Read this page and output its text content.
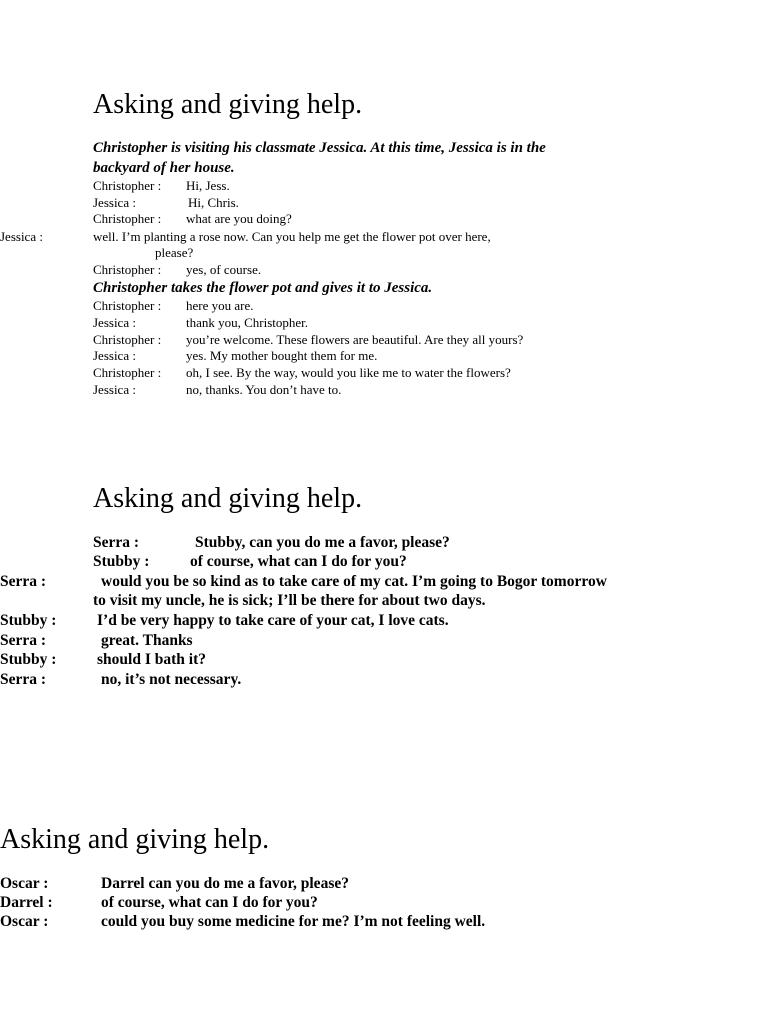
Asking and giving help.
Christopher is visiting his classmate Jessica. At this time, Jessica is in the
backyard of her house.
Christopher : Hi, Jess.
Jessica :	Hi, Chris.
Christopher : what are you doing?
Jessica :	well. I’m planting a rose now. Can you help me get the flower pot over here,
please?
Christopher : yes, of course.
Christopher takes the flower pot and gives it to Jessica.
Christopher : here you are.
Jessica :	thank you, Christopher.
Christopher : you’re welcome. These flowers are beautiful. Are they all yours?
Jessica :	yes. My mother bought them for me.
Christopher : oh, I see. By the way, would you like me to water the flowers?
Jessica :	no, thanks. You don’t have to.
Asking and giving help.
Serra :	Stubby, can you do me a favor, please?
Stubby :	of course, what can I do for you?
Serra :	would you be so kind as to take care of my cat. I’m going to Bogor tomorrow
to visit my uncle, he is sick; I’ll be there for about two days.
Stubby :	I’d be very happy to take care of your cat, I love cats.
Serra :	great. Thanks
Stubby :	should I bath it?
Serra :	no, it’s not necessary.
Asking and giving help.
Oscar :	Darrel can you do me a favor, please?
Darrel :	of course, what can I do for you?
Oscar :	could you buy some medicine for me? I’m not feeling well.
